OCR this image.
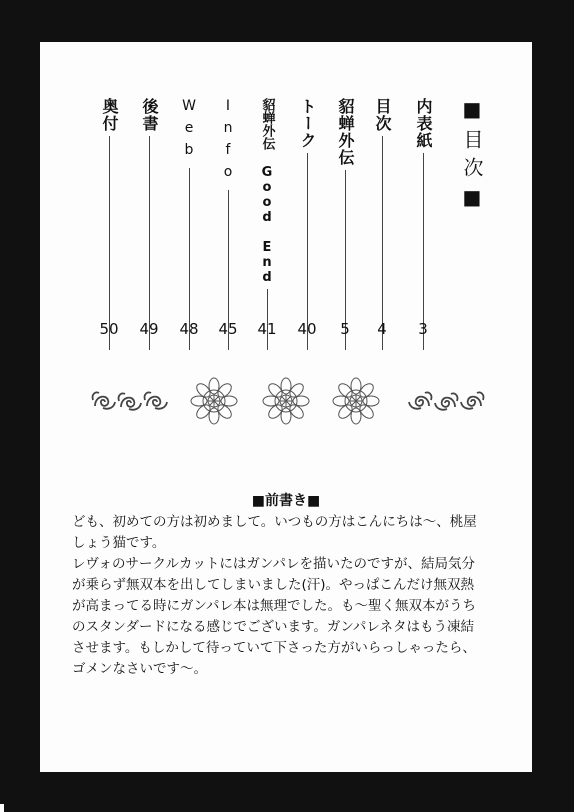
■目次■
内表紙
3
目次
4
貂蝉外伝
5
トーク
40
貂蝉外伝 Good End
41
Info
45
Web
48
後書
49
奥付
50
■前書き■

ども、初めての方は初めまして。いつもの方はこんにちは～、桃屋

しょう猫です。

レヴォのサークルカットにはガンパレを描いたのですが、結局気分

が乗らず無双本を出してしまいました(汗)。やっぱこんだけ無双熱

が高まってる時にガンパレ本は無理でした。も～聖く無双本がうち

のスタンダードになる感じでございます。ガンパレネタはもう凍結

させます。もしかして待っていて下さった方がいらっしゃったら、

ゴメンなさいです～。
